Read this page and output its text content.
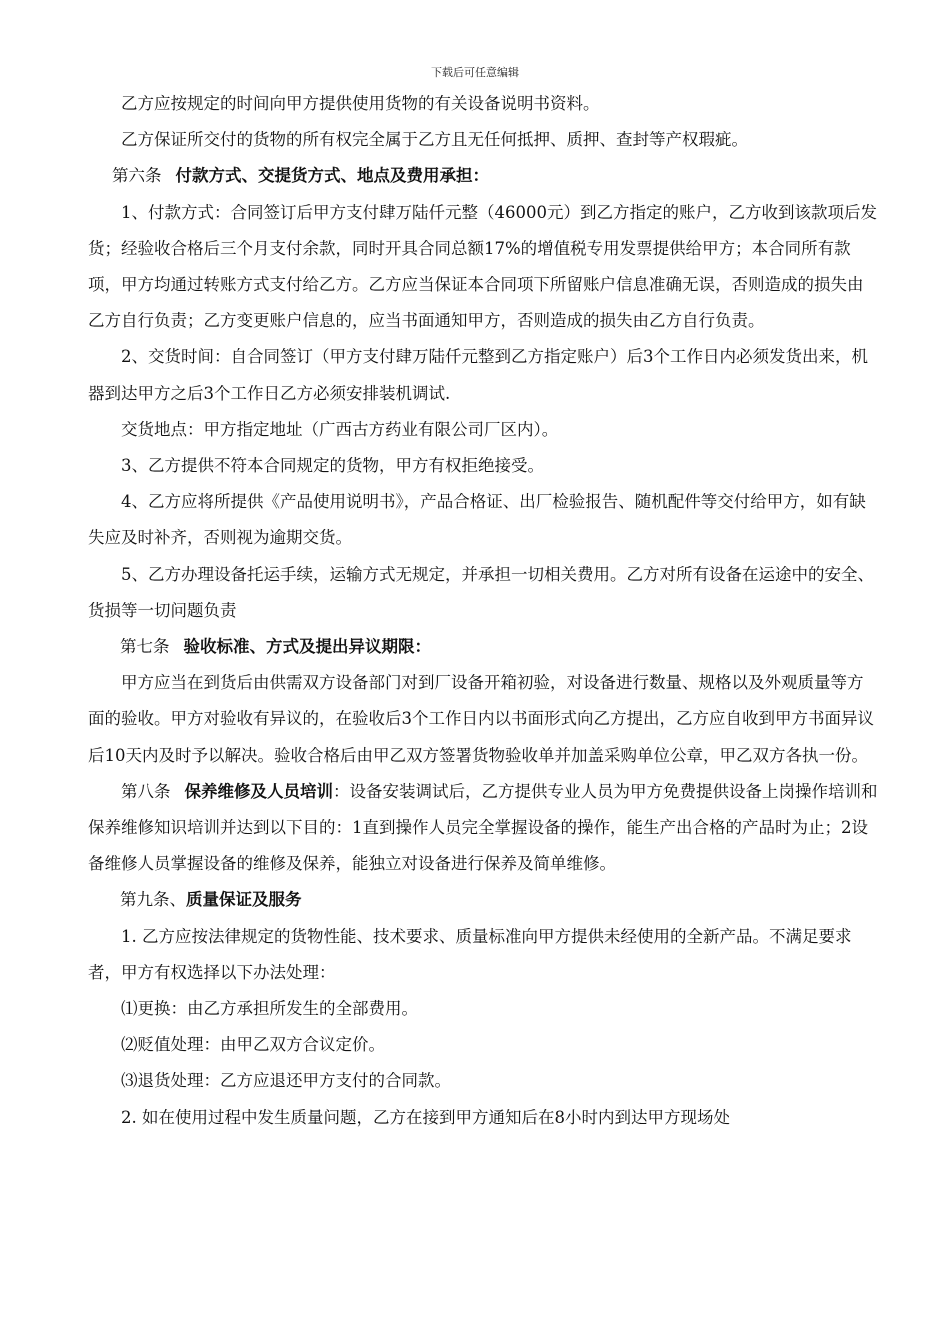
下载后可任意编辑

乙方应按规定的时间向甲方提供使用货物的有关设备说明书资料。

乙方保证所交付的货物的所有权完全属于乙方且无任何抵押、质押、查封等产权瑕疵。

第六条 付款方式、交提货方式、地点及费用承担：

1、付款方式：合同签订后甲方支付肆万陆仟元整（46000元）到乙方指定的账户，乙方收到该款项后发货；经验收合格后三个月支付余款，同时开具合同总额17%的增值税专用发票提供给甲方；本合同所有款项，甲方均通过转账方式支付给乙方。乙方应当保证本合同项下所留账户信息准确无误，否则造成的损失由乙方自行负责；乙方变更账户信息的，应当书面通知甲方，否则造成的损失由乙方自行负责。

2、交货时间：自合同签订（甲方支付肆万陆仟元整到乙方指定账户）后3个工作日内必须发货出来，机器到达甲方之后3个工作日乙方必须安排装机调试.

交货地点：甲方指定地址（广西古方药业有限公司厂区内）。

3、乙方提供不符本合同规定的货物，甲方有权拒绝接受。

4、乙方应将所提供《产品使用说明书》，产品合格证、出厂检验报告、随机配件等交付给甲方，如有缺失应及时补齐，否则视为逾期交货。

5、乙方办理设备托运手续，运输方式无规定，并承担一切相关费用。乙方对所有设备在运途中的安全、货损等一切问题负责

第七条 验收标准、方式及提出异议期限：

甲方应当在到货后由供需双方设备部门对到厂设备开箱初验，对设备进行数量、规格以及外观质量等方面的验收。甲方对验收有异议的，在验收后3个工作日内以书面形式向乙方提出，乙方应自收到甲方书面异议后10天内及时予以解决。验收合格后由甲乙双方签署货物验收单并加盖采购单位公章，甲乙双方各执一份。

第八条 保养维修及人员培训：设备安装调试后，乙方提供专业人员为甲方免费提供设备上岗操作培训和保养维修知识培训并达到以下目的：1直到操作人员完全掌握设备的操作，能生产出合格的产品时为止；2设备维修人员掌握设备的维修及保养，能独立对设备进行保养及简单维修。

第九条、质量保证及服务

1. 乙方应按法律规定的货物性能、技术要求、质量标准向甲方提供未经使用的全新产品。不满足要求者，甲方有权选择以下办法处理：

⑴更换：由乙方承担所发生的全部费用。

⑵贬值处理：由甲乙双方合议定价。

⑶退货处理：乙方应退还甲方支付的合同款。

2. 如在使用过程中发生质量问题，乙方在接到甲方通知后在8小时内到达甲方现场处
